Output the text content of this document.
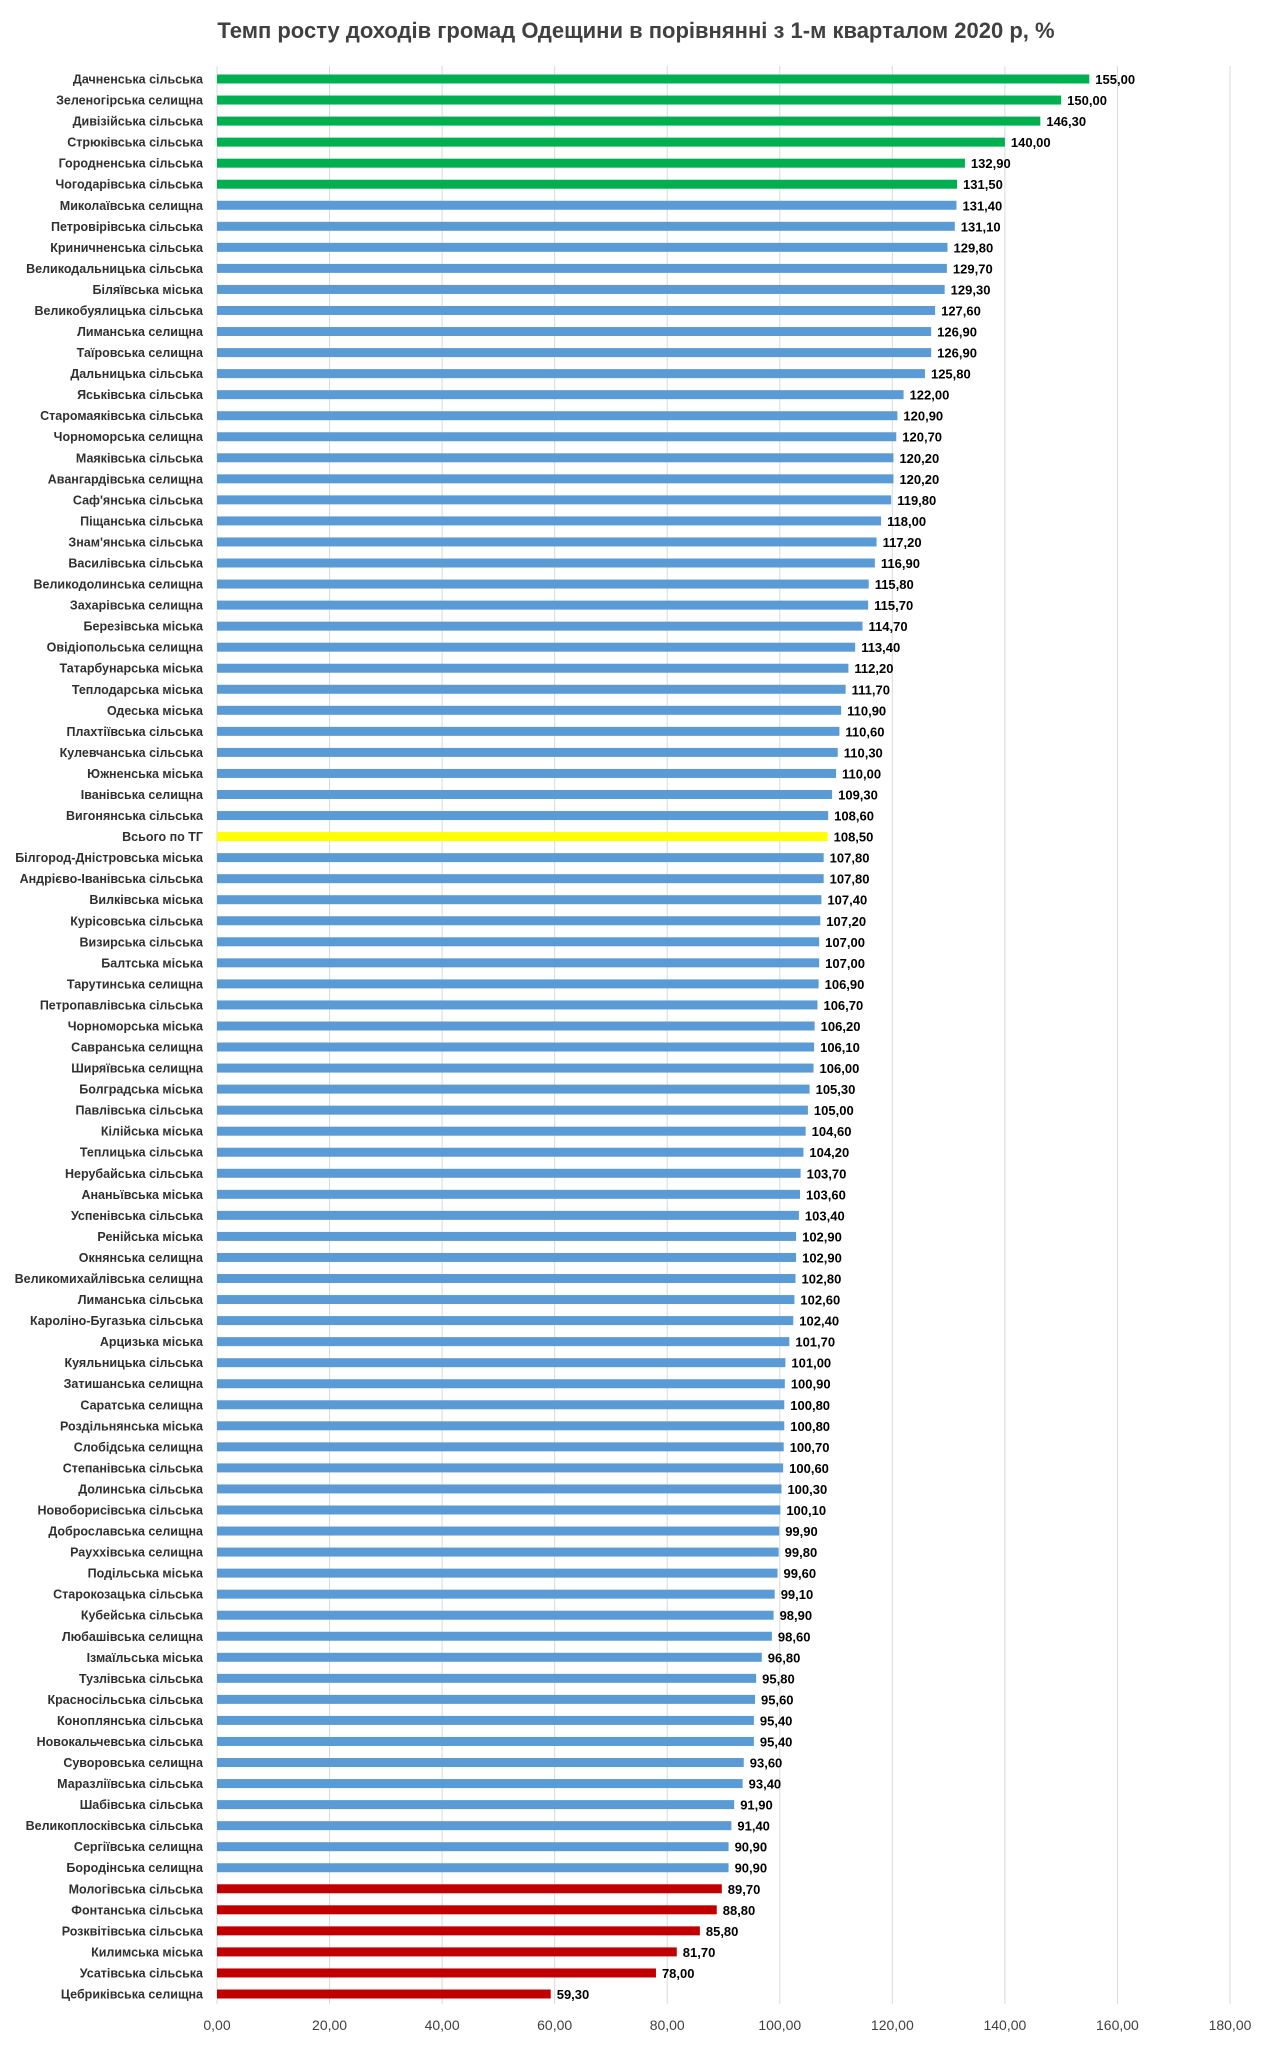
Темп росту доходів громад Одещини в порівнянні з 1-м кварталом 2020 р, %
Дачненська сільська
Зеленогірська селищна
Дивізійська сільська
Стрюківська сільська
Городненська сільська
Чогодарівська сільська
Миколаївська селищна
Петровірівська сільська
Криничненська сільська
Великодальницька сільська
Біляївська міська
Великобуялицька сільська
Лиманська селищна
Таїровська селищна
Дальницька сільська
Яськівська сільська
Старомаяківська сільська
Чорноморська селищна
Маяківська сільська
Авангардівська селищна
Саф'янська сільська
Піщанська сільська
Знам'янська сільська
Василівська сільська
Великодолинська селищна
Захарівська селищна
Березівська міська
Овідіопольська селищна
Татарбунарська міська
Теплодарська міська
Одеська міська
Плахтіївська сільська
Кулевчанська сільська
Южненська міська
Іванівська селищна
Вигонянська сільська
Всього по ТГ
Білгород-Дністровська міська
Андрієво-Іванівська сільська
Вилківська міська
Курісовська сільська
Визирська сільська
Балтська міська
Тарутинська селищна
Петропавлівська сільська
Чорноморська міська
Савранська селищна
Ширяївська селищна
Болградська міська
Павлівська сільська
Кілійська міська
Теплицька сільська
Нерубайська сільська
Ананьївська міська
Успенівська сільська
Ренійська міська
Окнянська селищна
Великомихайлівська селищна
Лиманська сільська
Кароліно-Бугазька сільська
Арцизька міська
Куяльницька сільська
Затишанська селищна
Саратська селищна
Роздільнянська міська
Слобідська селищна
Степанівська сільська
Долинська сільська
Новоборисівська сільська
Доброславська селищна
Рауххівська селищна
Подільська міська
Старокозацька сільська
Кубейська сільська
Любашівська селищна
Ізмаїльська міська
Тузлівська сільська
Красносільська сільська
Коноплянська сільська
Новокальчевська сільська
Суворовська селищна
Маразліївська сільська
Шабівська сільська
Великоплосківська сільська
Сергіївська селищна
Бородінська селищна
Мологівська сільська
Фонтанська сільська
Розквітівська сільська
Килимська міська
Усатівська сільська
Цебриківська селищна
155,00
150,00
146,30
140,00
132,90
131,50
131,40
131,10
129,80
129,70
129,30
127,60
126,90
126,90
125,80
122,00
120,90
120,70
120,20
120,20
119,80
118,00
117,20
116,90
115,80
115,70
114,70
113,40
112,20
111,70
110,90
110,60
110,30
110,00
109,30
108,60
108,50
107,80
107,80
107,40
107,20
107,00
107,00
106,90
106,70
106,20
106,10
106,00
105,30
105,00
104,60
104,20
103,70
103,60
103,40
102,90
102,90
102,80
102,60
102,40
101,70
101,00
100,90
100,80
100,80
100,70
100,60
100,30
100,10
99,90
99,80
99,60
99,10
98,90
98,60
96,80
95,80
95,60
95,40
95,40
93,60
93,40
91,90
91,40
90,90
90,90
89,70
88,80
85,80
81,70
78,00
59,30
0,00	20,00	40,00	60,00	80,00	100,00	120,00	140,00	160,00	180,00
